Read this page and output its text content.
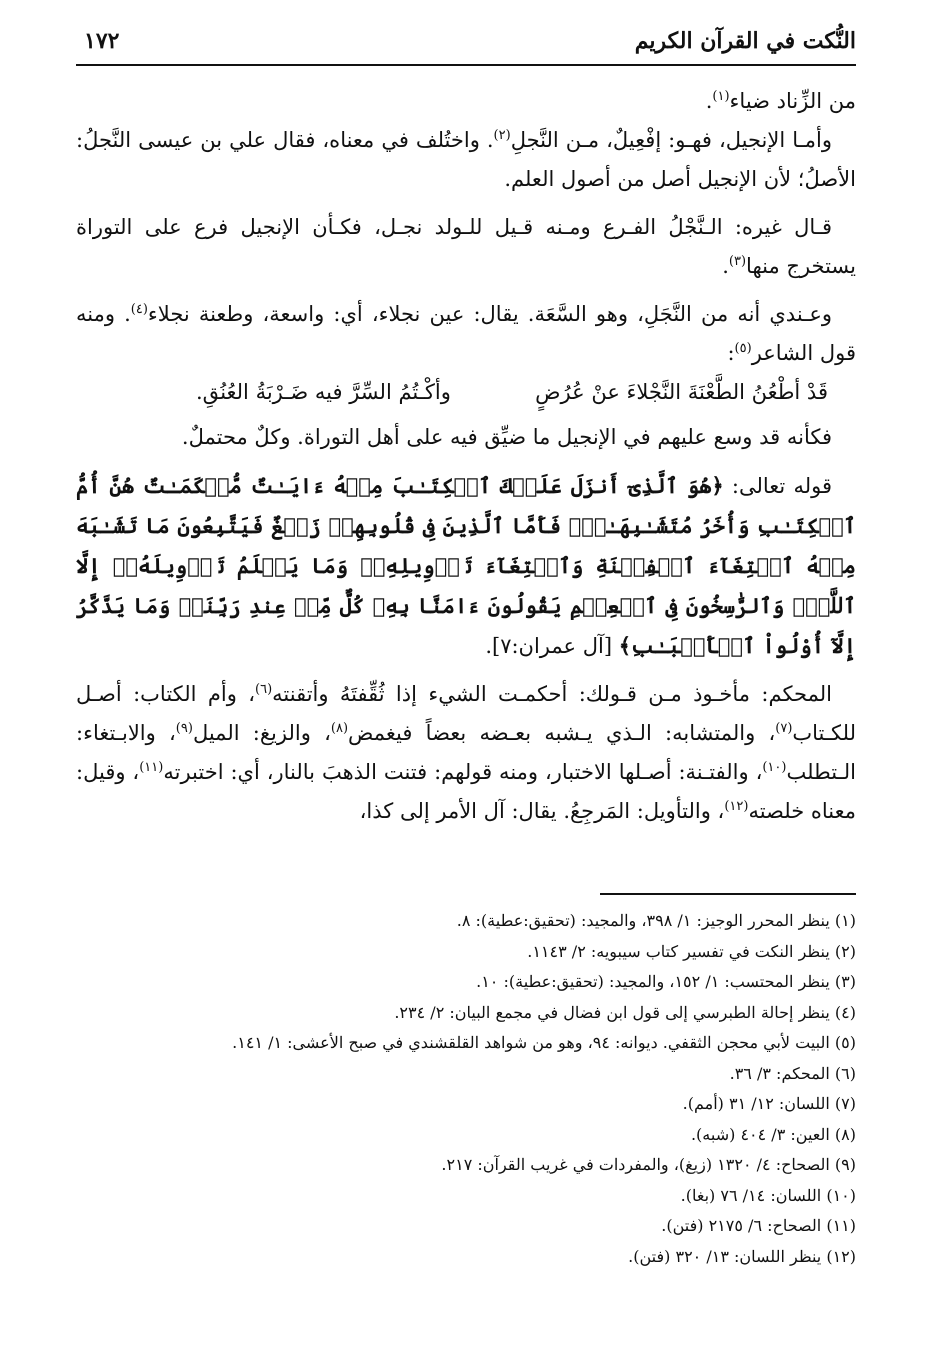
النُّكت في القرآن الكريم
١٧٢

من الزِّناد ضياء$^{(١)}$.

وأمـا الإنجيل، فهـو: إفْعِيلٌ، مـن النَّجلِ$^{(٢)}$. واختُلف في معناه، فقال علي بن عيسى النَّجلُ: الأصلُ؛ لأن الإنجيل أصل من أصول العلم.

قـال غيره: الـنَّجْلُ الفـرع ومـنه قـيل للـولد نجـل، فكـأن الإنجيل فرع على التوراة يستخرج منها$^{(٣)}$.

وعـندي أنه من النَّجَلِ، وهو السَّعَة. يقال: عين نجلاء، أي: واسعة، وطعنة نجلاء$^{(٤)}$. ومنه قول الشاعر$^{(٥)}$:

قَدْ أطْعُنُ الطَّعْنَةَ النَّجْلاءَ عنْ عُرُضٍ
وأكْـتُمُ السِّرَّ فيه ضَـرْبَةُ العُنُقِ.

فكأنه قد وسع عليهم في الإنجيل ما ضيِّق فيه على أهل التوراة. وكلٌ محتملٌ.

قوله تعالى: ﴿هُوَ ٱلَّذِىٓ أَنزَلَ عَلَيۡكَ ٱلۡكِتَـٰبَ مِنۡهُ ءَايَـٰتٌ مُّحۡكَمَـٰتٌ هُنَّ أُمُّ ٱلۡكِتَـٰبِ وَأُخَرُ مُتَشَـٰبِهَـٰتٌۖ فَأَمَّا ٱلَّذِينَ فِى قُلُوبِهِمۡ زَيۡغٌ فَيَتَّبِعُونَ مَا تَشَـٰبَهَ مِنۡهُ ٱبۡتِغَآءَ ٱلۡفِتۡنَةِ وَٱبۡتِغَآءَ تَأۡوِيلِهِۦۗ وَمَا يَعۡلَمُ تَأۡوِيلَهُۥٓ إِلَّا ٱللَّهُۗ وَٱلرَّٰسِخُونَ فِى ٱلۡعِلۡمِ يَقُولُونَ ءَامَنَّا بِهِۦ كُلٌّ مِّنۡ عِندِ رَبِّنَاۗ وَمَا يَذَّكَّرُ إِلَّآ أُوْلُواْ ٱلۡأَلۡبَـٰبِ﴾ [آل عمران:٧].

المحكم: مأخـوذ مـن قـولك: أحكمـت الشيء إذا ثُقِّفتَهُ وأتقنته$^{(٦)}$، وأم الكتاب: أصـل للكـتاب$^{(٧)}$، والمتشابه: الـذي يـشبه بعـضه بعضاً فيغمض$^{(٨)}$، والزيغ: الميل$^{(٩)}$، والابـتغاء: الـتطلب$^{(١٠)}$، والفتـنة: أصـلها الاختبار، ومنه قولهم: فتنت الذهبَ بالنار، أي: اختبرته$^{(١١)}$، وقيل: معناه خلصته$^{(١٢)}$، والتأويل: المَرجِعُ. يقال: آل الأمر إلى كذا،

(١) ينظر المحرر الوجيز: ١/ ٣٩٨، والمجيد: (تحقيق:عطية): ٨.
(٢) ينظر النكت في تفسير كتاب سيبويه: ٢/ ١١٤٣.
(٣) ينظر المحتسب: ١/ ١٥٢، والمجيد: (تحقيق:عطية): ١٠.
(٤) ينظر إحالة الطبرسي إلى قول ابن فضال في مجمع البيان: ٢/ ٢٣٤.
(٥) البيت لأبي محجن الثقفي. ديوانه: ٩٤، وهو من شواهد القلقشندي في صبح الأعشى: ١/ ١٤١.
(٦) المحكم: ٣/ ٣٦.
(٧) اللسان: ١٢/ ٣١ (أمم).
(٨) العين: ٣/ ٤٠٤ (شبه).
(٩) الصحاح: ٤/ ١٣٢٠ (زيغ)، والمفردات في غريب القرآن: ٢١٧.
(١٠) اللسان: ١٤/ ٧٦ (بغا).
(١١) الصحاح: ٦/ ٢١٧٥ (فتن).
(١٢) ينظر اللسان: ١٣/ ٣٢٠ (فتن).
